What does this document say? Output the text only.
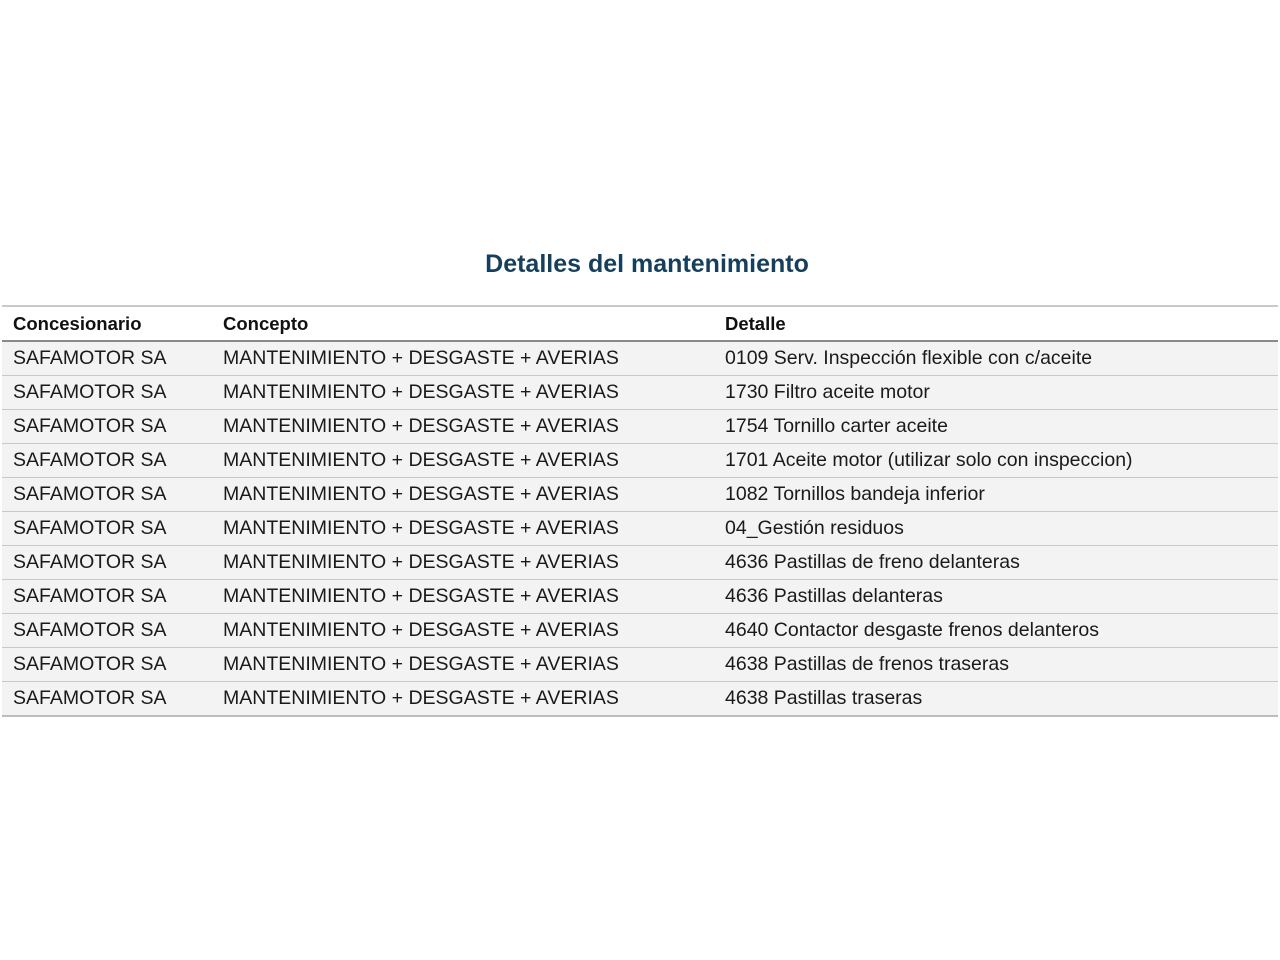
Detalles del mantenimiento
Concesionario	Concepto	Detalle
SAFAMOTOR SA	MANTENIMIENTO + DESGASTE + AVERIAS	0109 Serv. Inspección flexible con c/aceite
SAFAMOTOR SA	MANTENIMIENTO + DESGASTE + AVERIAS	1730 Filtro aceite motor
SAFAMOTOR SA	MANTENIMIENTO + DESGASTE + AVERIAS	1754 Tornillo carter aceite
SAFAMOTOR SA	MANTENIMIENTO + DESGASTE + AVERIAS	1701 Aceite motor (utilizar solo con inspeccion)
SAFAMOTOR SA	MANTENIMIENTO + DESGASTE + AVERIAS	1082 Tornillos bandeja inferior
SAFAMOTOR SA	MANTENIMIENTO + DESGASTE + AVERIAS	04_Gestión residuos
SAFAMOTOR SA	MANTENIMIENTO + DESGASTE + AVERIAS	4636 Pastillas de freno delanteras
SAFAMOTOR SA	MANTENIMIENTO + DESGASTE + AVERIAS	4636 Pastillas delanteras
SAFAMOTOR SA	MANTENIMIENTO + DESGASTE + AVERIAS	4640 Contactor desgaste frenos delanteros
SAFAMOTOR SA	MANTENIMIENTO + DESGASTE + AVERIAS	4638 Pastillas de frenos traseras
SAFAMOTOR SA	MANTENIMIENTO + DESGASTE + AVERIAS	4638 Pastillas traseras
